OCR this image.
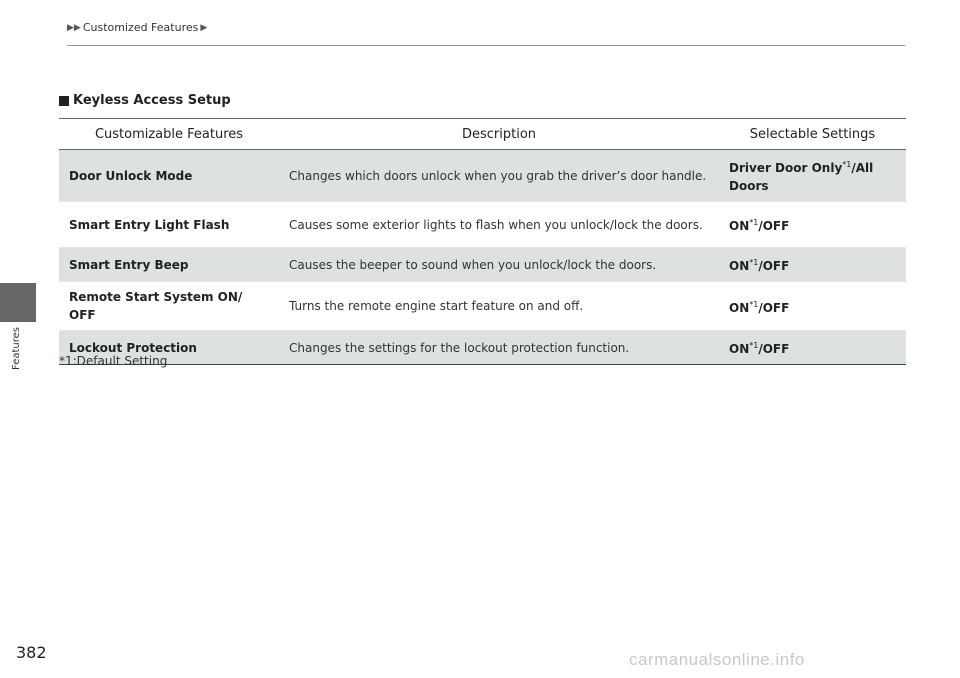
▶▶ Customized Features ▶
Features
Keyless Access Setup
Customizable Features	Description	Selectable Settings
Door Unlock Mode	Changes which doors unlock when you grab the driver’s door handle.	Driver Door Only$^{*1}$/All Doors
Smart Entry Light Flash	Causes some exterior lights to flash when you unlock/lock the doors.	ON$^{*1}$/OFF
Smart Entry Beep	Causes the beeper to sound when you unlock/lock the doors.	ON$^{*1}$/OFF
Remote Start System ON/ OFF	Turns the remote engine start feature on and off.	ON$^{*1}$/OFF
Lockout Protection	Changes the settings for the lockout protection function.	ON$^{*1}$/OFF
*1:Default Setting
382	carmanualsonline.info
